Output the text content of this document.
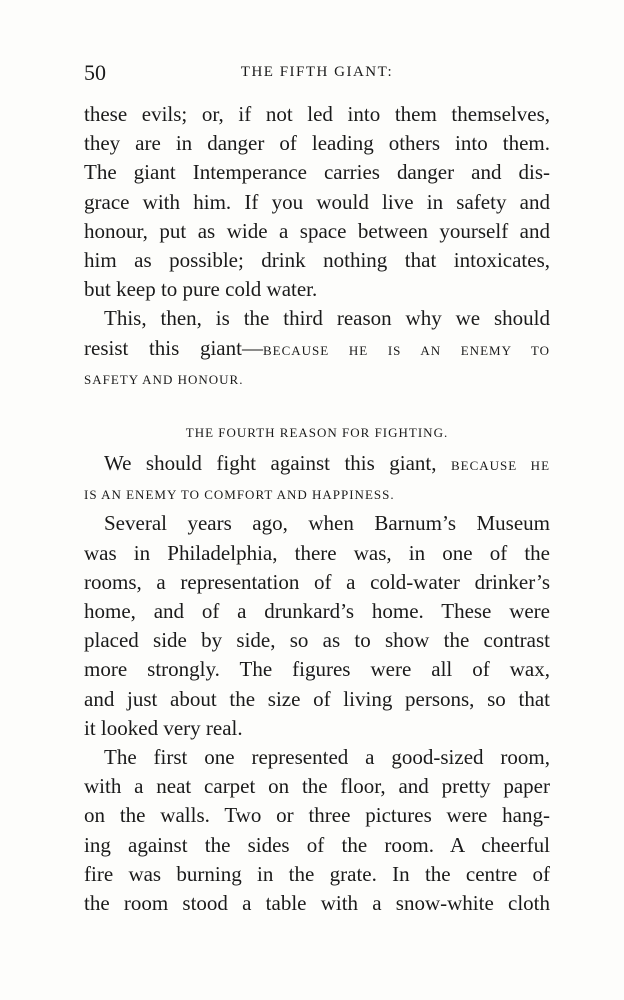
50	THE FIFTH GIANT:
these evils; or, if not led into them themselves,
they are in danger of leading others into them.
The giant Intemperance carries danger and dis-
grace with him. If you would live in safety and
honour, put as wide a space between yourself and
him as possible; drink nothing that intoxicates,
but keep to pure cold water.
This, then, is the third reason why we should
resist this giant—BECAUSE HE IS AN ENEMY TO
SAFETY AND HONOUR.
THE FOURTH REASON FOR FIGHTING.
We should fight against this giant, BECAUSE HE
IS AN ENEMY TO COMFORT AND HAPPINESS.
Several years ago, when Barnum’s Museum
was in Philadelphia, there was, in one of the
rooms, a representation of a cold-water drinker’s
home, and of a drunkard’s home. These were
placed side by side, so as to show the contrast
more strongly. The figures were all of wax,
and just about the size of living persons, so that
it looked very real.
The first one represented a good-sized room,
with a neat carpet on the floor, and pretty paper
on the walls. Two or three pictures were hang-
ing against the sides of the room. A cheerful
fire was burning in the grate. In the centre of
the room stood a table with a snow-white cloth
